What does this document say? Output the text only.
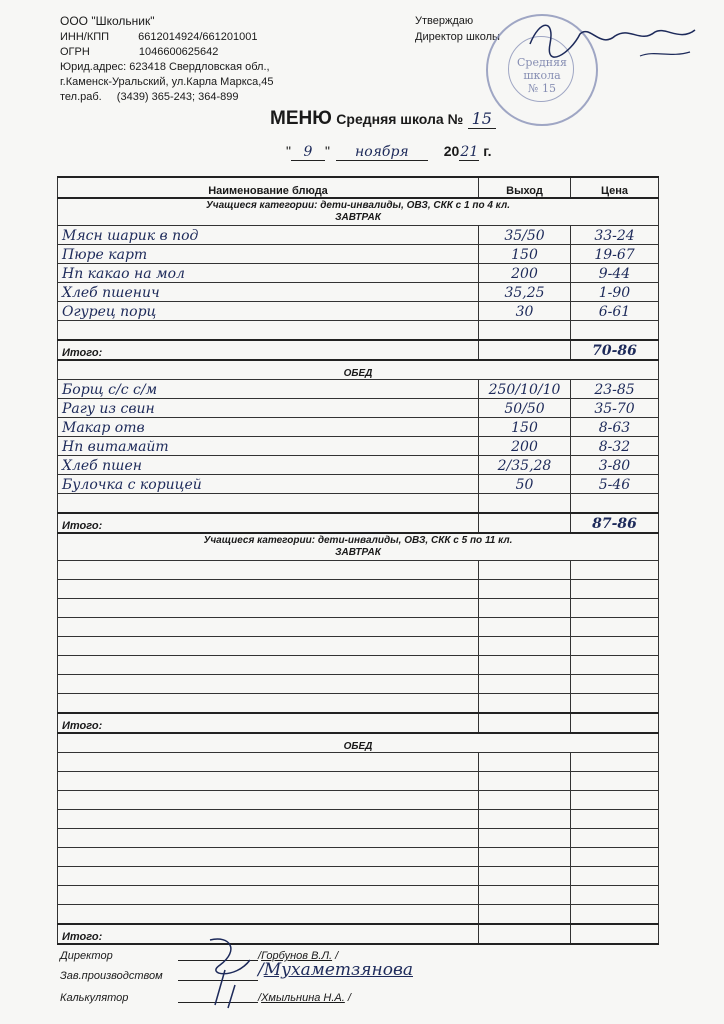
ООО "Школьник"
ИНН/КПП	6612014924/661201001
ОГРН	1046600625642
Юрид.адрес: 623418 Свердловская обл.,
г.Каменск-Уральский, ул.Карла Маркса,45
тел.раб. (3439) 365-243; 364-899
Утверждаю
Директор школы
Средняя
школа
№ 15
МЕНЮ Средняя школа № 15
" 9 " ноября	2021 г.
Наименование блюда	Выход	Цена

Учащиеся категории: дети-инвалиды, ОВЗ, СКК с 1 по 4 кл.
ЗАВТРАК		

Мясн шарик в под	35/50	33-24
Пюре карт	150	19-67
Нп какао на мол	200	9-44
Хлеб пшенич	35,25	1-90
Огурец порц	30	6-61

Итого:		70-86
ОБЕД		
Борщ с/с с/м	250/10/10	23-85
Рагу из свин	50/50	35-70
Макар отв	150	8-63
Нп витамайт	200	8-32
Хлеб пшен	2/35,28	3-80
Булочка с корицей	50	5-46

Итого:		87-86

Учащиеся категории: дети-инвалиды, ОВЗ, СКК с 5 по 11 кл.
ЗАВТРАК		

Итого:		
ОБЕД		

Итого:		
Директор	/Горбунов В.Л. /
Зав.производством	/Мухаметзянова
Калькулятор	/Хмыльнина Н.А. /
